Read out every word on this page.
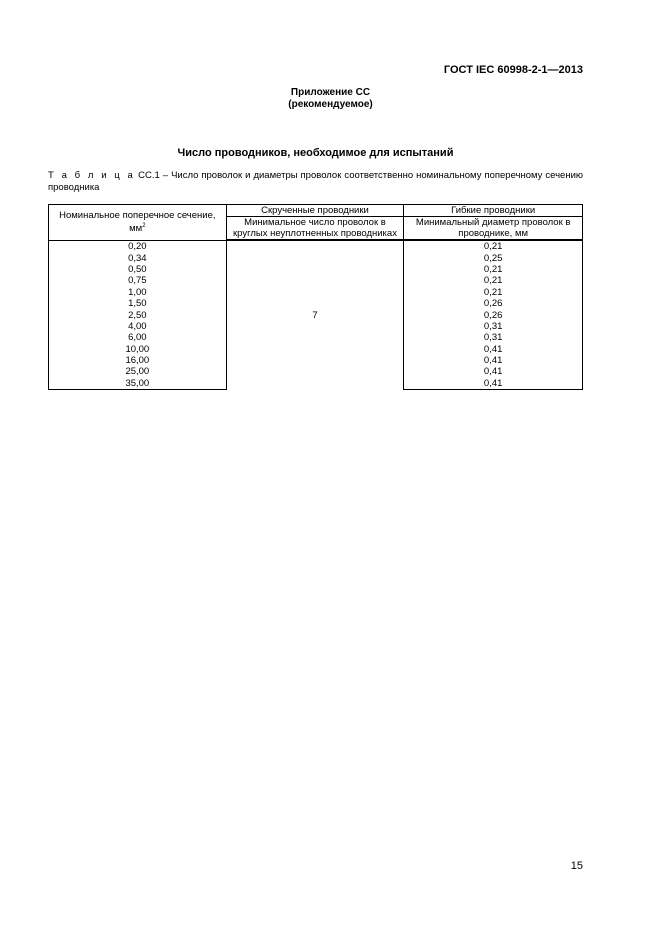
ГОСТ IEC 60998-2-1—2013
Приложение СС
(рекомендуемое)
Число проводников, необходимое для испытаний
Т а б л и ц а СС.1 – Число проволок и диаметры проволок соответственно номинальному поперечному сечению проводника
Номинальное поперечное сечение, $мм^2$	Скрученные проводники	Гибкие проводники
	Минимальное число проволок в круглых неуплотненных проводниках	Минимальный диаметр проволок в проводнике, мм
0,20	7	0,21
0,34		0,25
0,50		0,21
0,75		0,21
1,00		0,21
1,50		0,26
2,50		0,26
4,00		0,31
6,00		0,31
10,00		0,41
16,00		0,41
25,00		0,41
35,00		0,41
15
